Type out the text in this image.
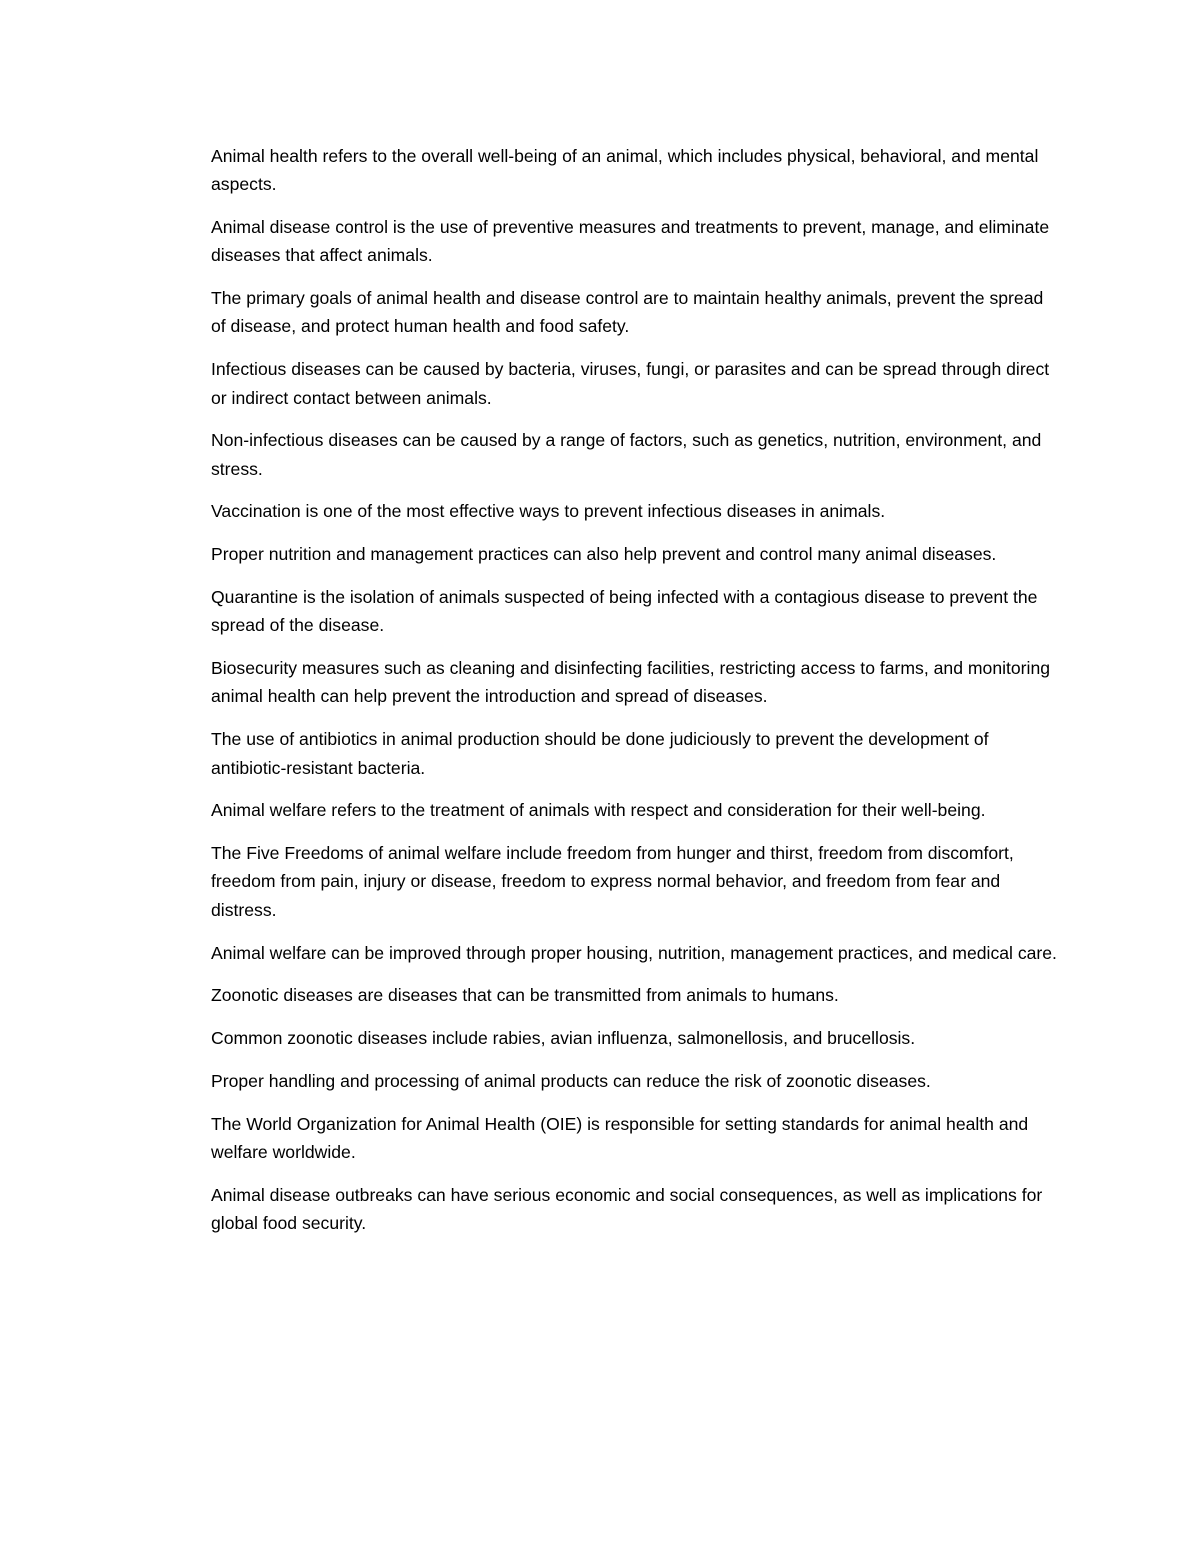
Animal health refers to the overall well-being of an animal, which includes physical, behavioral, and mental aspects.

Animal disease control is the use of preventive measures and treatments to prevent, manage, and eliminate diseases that affect animals.

The primary goals of animal health and disease control are to maintain healthy animals, prevent the spread of disease, and protect human health and food safety.

Infectious diseases can be caused by bacteria, viruses, fungi, or parasites and can be spread through direct or indirect contact between animals.

Non-infectious diseases can be caused by a range of factors, such as genetics, nutrition, environment, and stress.

Vaccination is one of the most effective ways to prevent infectious diseases in animals.

Proper nutrition and management practices can also help prevent and control many animal diseases.

Quarantine is the isolation of animals suspected of being infected with a contagious disease to prevent the spread of the disease.

Biosecurity measures such as cleaning and disinfecting facilities, restricting access to farms, and monitoring animal health can help prevent the introduction and spread of diseases.

The use of antibiotics in animal production should be done judiciously to prevent the development of antibiotic-resistant bacteria.

Animal welfare refers to the treatment of animals with respect and consideration for their well-being.

The Five Freedoms of animal welfare include freedom from hunger and thirst, freedom from discomfort, freedom from pain, injury or disease, freedom to express normal behavior, and freedom from fear and distress.

Animal welfare can be improved through proper housing, nutrition, management practices, and medical care.

Zoonotic diseases are diseases that can be transmitted from animals to humans.

Common zoonotic diseases include rabies, avian influenza, salmonellosis, and brucellosis.

Proper handling and processing of animal products can reduce the risk of zoonotic diseases.

The World Organization for Animal Health (OIE) is responsible for setting standards for animal health and welfare worldwide.

Animal disease outbreaks can have serious economic and social consequences, as well as implications for global food security.
